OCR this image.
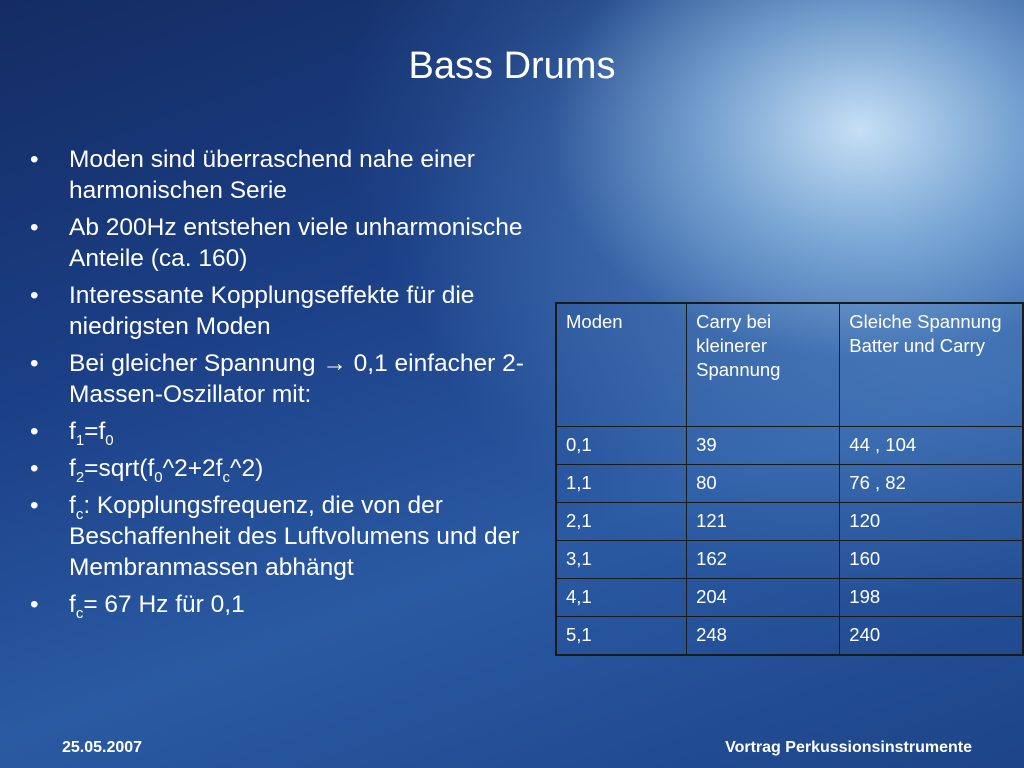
Bass Drums
• Moden sind überraschend nahe einer harmonischen Serie
• Ab 200Hz entstehen viele unharmonische Anteile (ca. 160)
• Interessante Kopplungseffekte für die niedrigsten Moden
• Bei gleicher Spannung → 0,1 einfacher 2-Massen-Oszillator mit:
• $f_1=f_0$
• $f_2=sqrt(f_0\^{}2+2f_c\^{}2)$
• $f_c$: Kopplungsfrequenz, die von der Beschaffenheit des Luftvolumens und der Membranmassen abhängt
• $f_c= 67$ Hz für 0,1
Moden	Carry bei kleinerer Spannung	Gleiche Spannung Batter und Carry
0,1	39	44 , 104
1,1	80	76 , 82
2,1	121	120
3,1	162	160
4,1	204	198
5,1	248	240
25.05.2007	Vortrag Perkussionsinstrumente
